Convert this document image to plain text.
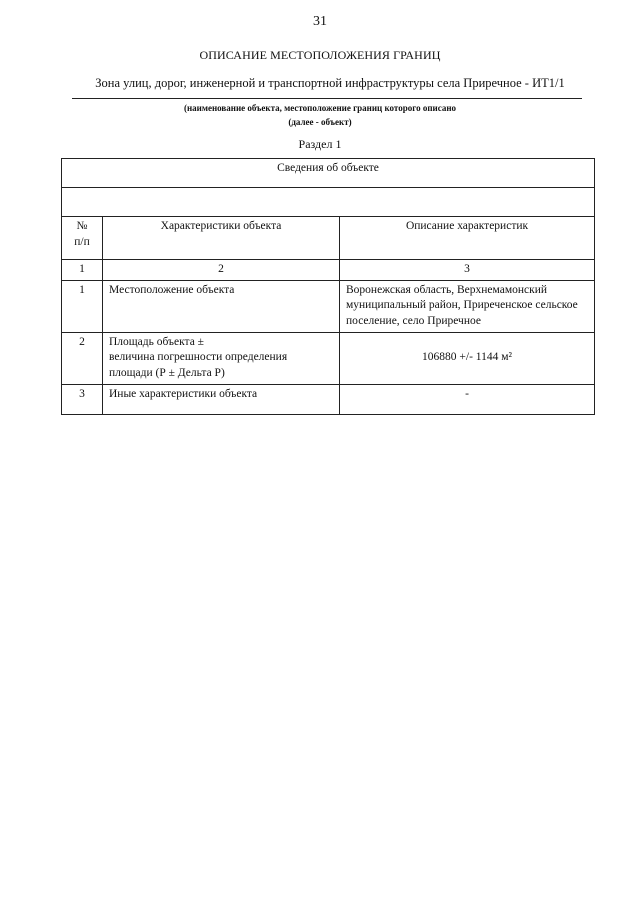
31
ОПИСАНИЕ МЕСТОПОЛОЖЕНИЯ ГРАНИЦ
Зона улиц, дорог, инженерной и транспортной инфраструктуры села Приречное - ИТ1/1
(наименование объекта, местоположение границ которого описано
(далее - объект)
Раздел 1
Сведения об объекте		

№
п/п	Характеристики объекта	Описание характеристик
1	2	3
1	Местоположение объекта	Воронежская область, Верхнемамонский муниципальный район, Приреченское сельское поселение, село Приречное
2	Площадь объекта ±
величина погрешности определения площади (Р ± Дельта Р)	106880 +/- 1144 м²
3	Иные характеристики объекта	-
